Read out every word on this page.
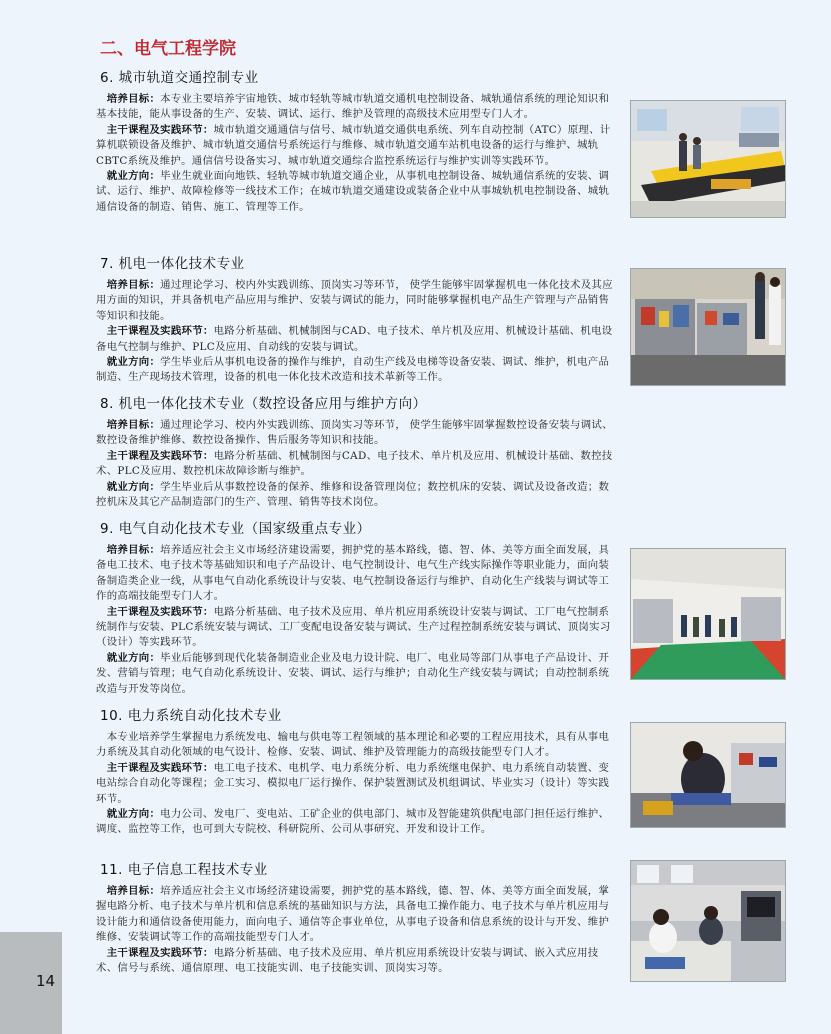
二、电气工程学院
6. 城市轨道交通控制专业

 培养目标：本专业主要培养宇宙地铁、城市轻轨等城市轨道交通机电控制设备、城轨通信系统的理论知识和基本技能，能从事设备的生产、安装、调试、运行、维护及管理的高级技术应用型专门人才。

 主干课程及实践环节：城市轨道交通通信与信号、城市轨道交通供电系统、列车自动控制（ATC）原理、计算机联锁设备及维护、城市轨道交通信号系统运行与维修、城市轨道交通车站机电设备的运行与维护、城轨CBTC系统及维护。通信信号设备实习、城市轨道交通综合监控系统运行与维护实训等实践环节。

 就业方向：毕业生就业面向地铁、轻轨等城市轨道交通企业，从事机电控制设备、城轨通信系统的安装、调试、运行、维护、故障检修等一线技术工作；在城市轨道交通建设或装备企业中从事城轨机电控制设备、城轨通信设备的制造、销售、施工、管理等工作。

7. 机电一体化技术专业

 培养目标：通过理论学习、校内外实践训练、顶岗实习等环节， 使学生能够牢固掌握机电一体化技术及其应用方面的知识，并具备机电产品应用与维护、安装与调试的能力，同时能够掌握机电产品生产管理与产品销售等知识和技能。

 主干课程及实践环节：电路分析基础、机械制图与CAD、电子技术、单片机及应用、机械设计基础、机电设备电气控制与维护、PLC及应用、自动线的安装与调试。

 就业方向：学生毕业后从事机电设备的操作与维护，自动生产线及电梯等设备安装、调试、维护，机电产品制造、生产现场技术管理，设备的机电一体化技术改造和技术革新等工作。

8. 机电一体化技术专业（数控设备应用与维护方向）

 培养目标：通过理论学习、校内外实践训练、顶岗实习等环节， 使学生能够牢固掌握数控设备安装与调试、数控设备维护维修、数控设备操作、售后服务等知识和技能。

 主干课程及实践环节：电路分析基础、机械制图与CAD、电子技术、单片机及应用、机械设计基础、数控技术、PLC及应用、数控机床故障诊断与维护。

 就业方向：学生毕业后从事数控设备的保养、维修和设备管理岗位；数控机床的安装、调试及设备改造；数控机床及其它产品制造部门的生产、管理、销售等技术岗位。

9. 电气自动化技术专业（国家级重点专业）

 培养目标：培养适应社会主义市场经济建设需要，拥护党的基本路线，德、智、体、美等方面全面发展，具备电工技术、电子技术等基础知识和电子产品设计、电气控制设计、电气生产线实际操作等职业能力，面向装备制造类企业一线，从事电气自动化系统设计与安装、电气控制设备运行与维护、自动化生产线装与调试等工作的高端技能型专门人才。

 主干课程及实践环节：电路分析基础、电子技术及应用、单片机应用系统设计安装与调试、工厂电气控制系统制作与安装、PLC系统安装与调试、工厂变配电设备安装与调试、生产过程控制系统安装与调试、顶岗实习（设计）等实践环节。

 就业方向：毕业后能够到现代化装备制造业企业及电力设计院、电厂、电业局等部门从事电子产品设计、开发、营销与管理；电气自动化系统设计、安装、调试、运行与维护；自动化生产线安装与调试；自动控制系统改造与开发等岗位。

10. 电力系统自动化技术专业

 本专业培养学生掌握电力系统发电、输电与供电等工程领域的基本理论和必要的工程应用技术，具有从事电力系统及其自动化领域的电气设计、检修、安装、调试、维护及管理能力的高级技能型专门人才。

 主干课程及实践环节：电工电子技术、电机学、电力系统分析、电力系统继电保护、电力系统自动装置、变电站综合自动化等课程；金工实习、模拟电厂运行操作、保护装置测试及机组调试、毕业实习（设计）等实践环节。

 就业方向：电力公司、发电厂、变电站、工矿企业的供电部门、城市及智能建筑供配电部门担任运行维护、调度、监控等工作，也可到大专院校、科研院所、公司从事研究、开发和设计工作。

11. 电子信息工程技术专业

 培养目标：培养适应社会主义市场经济建设需要，拥护党的基本路线，德、智、体、美等方面全面发展，掌握电路分析、电子技术与单片机和信息系统的基础知识与方法，具备电工操作能力、电子技术与单片机应用与设计能力和通信设备使用能力，面向电子、通信等企事业单位，从事电子设备和信息系统的设计与开发、维护维修、安装调试等工作的高端技能型专门人才。

 主干课程及实践环节：电路分析基础、电子技术及应用、单片机应用系统设计安装与调试、嵌入式应用技术、信号与系统、通信原理、电工技能实训、电子技能实训、顶岗实习等。

14
